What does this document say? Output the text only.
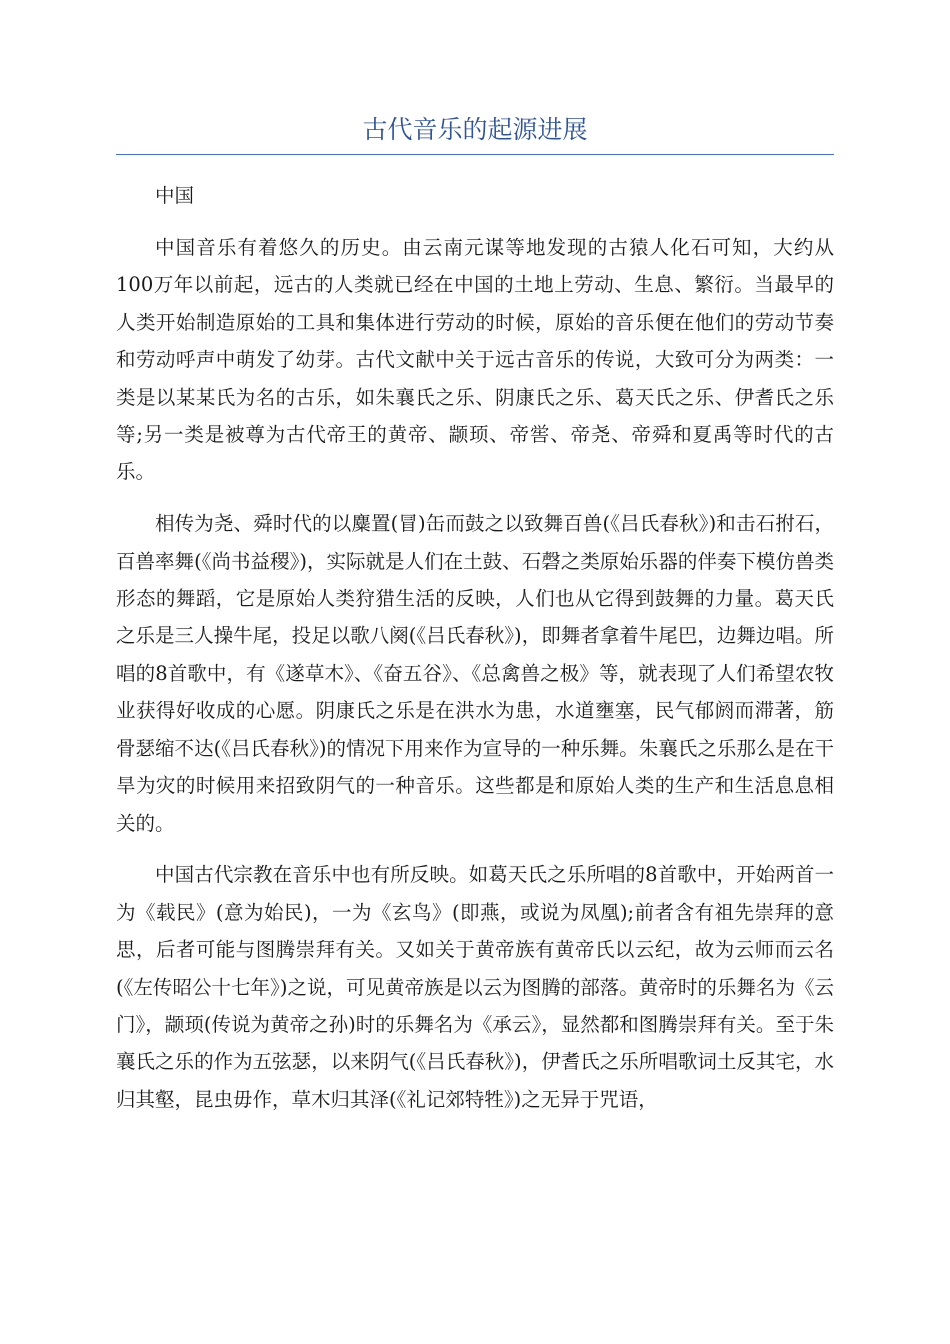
古代音乐的起源进展

中国

中国音乐有着悠久的历史。由云南元谋等地发现的古猿人化石可知，大约从100万年以前起，远古的人类就已经在中国的土地上劳动、生息、繁衍。当最早的人类开始制造原始的工具和集体进行劳动的时候，原始的音乐便在他们的劳动节奏和劳动呼声中萌发了幼芽。古代文献中关于远古音乐的传说，大致可分为两类：一类是以某某氏为名的古乐，如朱襄氏之乐、阴康氏之乐、葛天氏之乐、伊耆氏之乐等;另一类是被尊为古代帝王的黄帝、颛顼、帝喾、帝尧、帝舜和夏禹等时代的古乐。

相传为尧、舜时代的以麋置(冒)缶而鼓之以致舞百兽(《吕氏春秋》)和击石拊石，百兽率舞(《尚书益稷》)，实际就是人们在土鼓、石磬之类原始乐器的伴奏下模仿兽类形态的舞蹈，它是原始人类狩猎生活的反映，人们也从它得到鼓舞的力量。葛天氏之乐是三人操牛尾，投足以歌八阕(《吕氏春秋》)，即舞者拿着牛尾巴，边舞边唱。所唱的8首歌中，有《遂草木》、《奋五谷》、《总禽兽之极》等，就表现了人们希望农牧业获得好收成的心愿。阴康氏之乐是在洪水为患，水道壅塞，民气郁阏而滞著，筋骨瑟缩不达(《吕氏春秋》)的情况下用来作为宣导的一种乐舞。朱襄氏之乐那么是在干旱为灾的时候用来招致阴气的一种音乐。这些都是和原始人类的生产和生活息息相关的。

中国古代宗教在音乐中也有所反映。如葛天氏之乐所唱的8首歌中，开始两首一为《载民》(意为始民)，一为《玄鸟》(即燕，或说为凤凰);前者含有祖先崇拜的意思，后者可能与图腾崇拜有关。又如关于黄帝族有黄帝氏以云纪，故为云师而云名(《左传昭公十七年》)之说，可见黄帝族是以云为图腾的部落。黄帝时的乐舞名为《云门》，颛顼(传说为黄帝之孙)时的乐舞名为《承云》，显然都和图腾崇拜有关。至于朱襄氏之乐的作为五弦瑟，以来阴气(《吕氏春秋》)，伊耆氏之乐所唱歌词土反其宅，水归其壑，昆虫毋作，草木归其泽(《礼记郊特牲》)之无异于咒语，
